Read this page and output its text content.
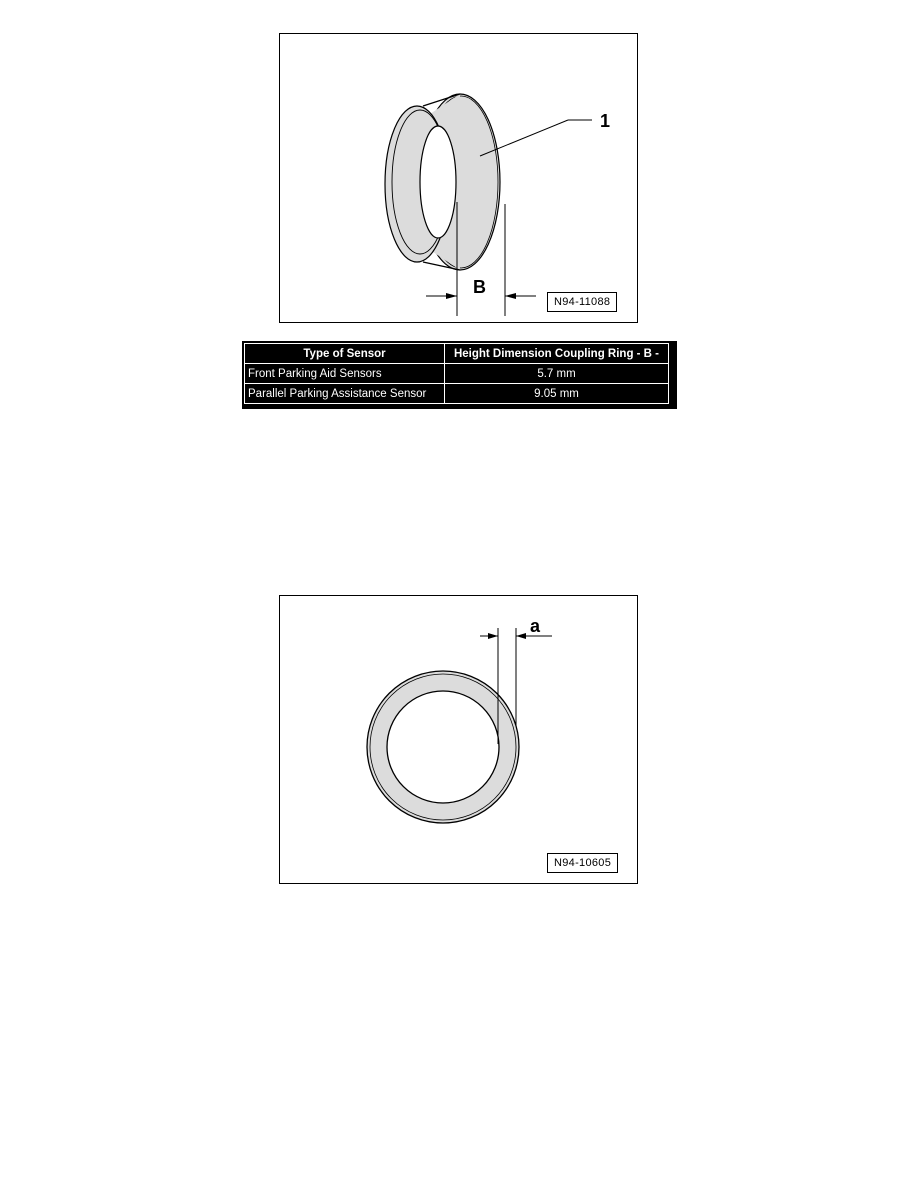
1
B
N94-11088
Type of Sensor	Height Dimension Coupling Ring - B -
Front Parking Aid Sensors	5.7 mm
Parallel Parking Assistance Sensor	9.05 mm
a
N94-10605
